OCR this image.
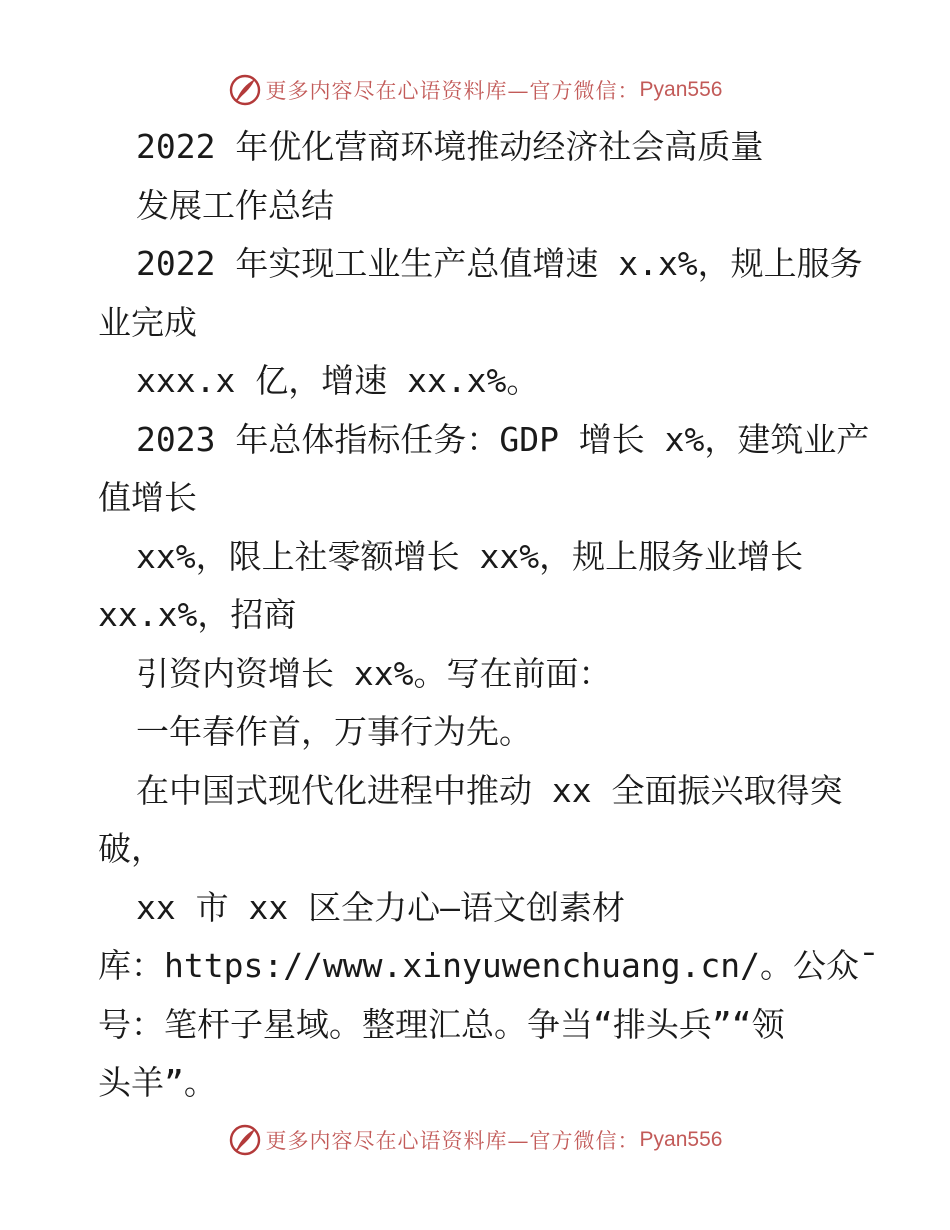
更多内容尽在心语资料库—官方微信： Pyan556

2022 年优化营商环境推动经济社会高质量

发展工作总结

2022 年实现工业生产总值增速 x.x%，规上服务

业完成

xxx.x 亿，增速 xx.x%。

2023 年总体指标任务：GDP 增长 x%，建筑业产

值增长

xx%，限上社零额增长 xx%，规上服务业增长

xx.x%，招商

引资内资增长 xx%。写在前面：

一年春作首，万事行为先。

在中国式现代化进程中推动 xx 全面振兴取得突

破，

xx 市 xx 区全力心—语文创素材

库：https://www.xinyuwenchuang.cn/。公众¯

号：笔杆子星域。整理汇总。争当“排头兵”“领

头羊”。

更多内容尽在心语资料库—官方微信： Pyan556
